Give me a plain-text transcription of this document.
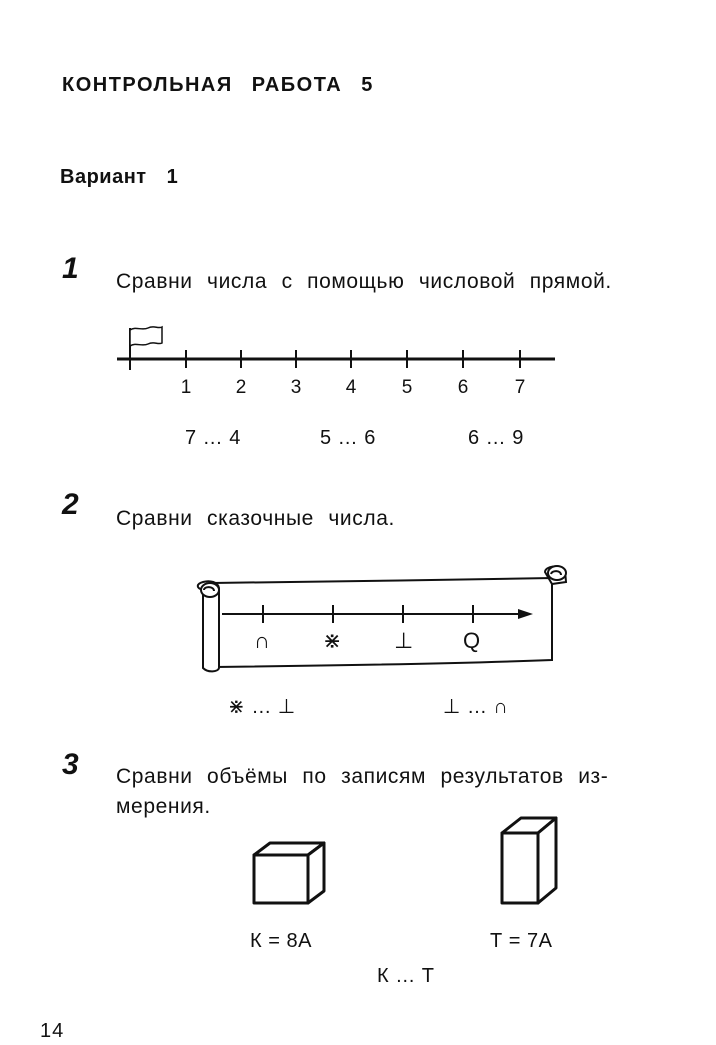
КОНТРОЛЬНАЯ РАБОТА 5
Вариант 1
1 Сравни числа с помощью числовой прямой.
1	2	3	4	5	6	7
7 … 4	5 … 6	6 … 9
2 Сравни сказочные числа.
∩ ⋇ ⊥ Q
⋇ … ⊥	⊥ … ∩
3 Сравни объёмы по записям результатов из-
мерения.
К = 8А	Т = 7А
К … Т
14
